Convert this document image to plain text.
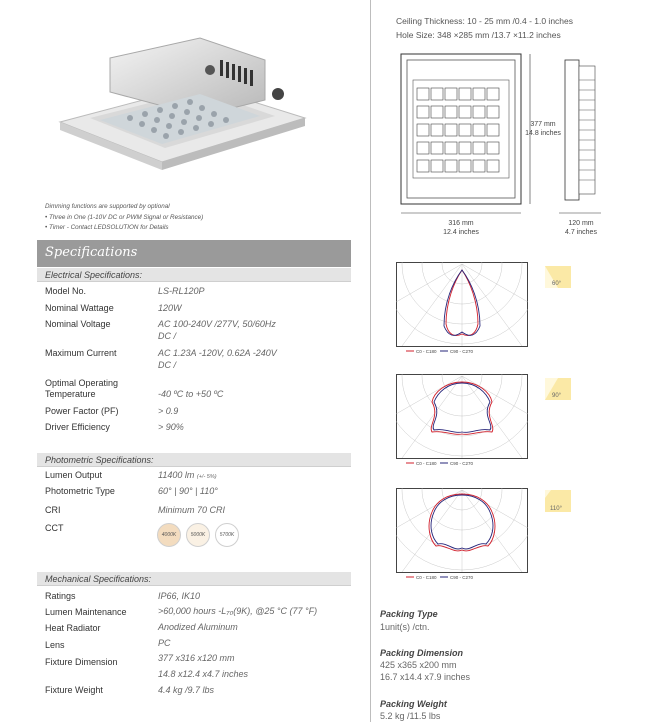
Dimming functions are supported by optional
• Three in One (1-10V DC or PWM Signal or Resistance)
• Timer - Contact LEDSOLUTION for Details
Specifications
Electrical Specifications:
Model No.	LS-RL120P
Nominal Wattage	120W
Nominal Voltage	AC 100-240V /277V, 50/60Hz
DC /
Maximum Current	AC 1.23A -120V, 0.62A -240V
DC /
Optimal Operating
Temperature	-40 ºC to +50 ºC
Power Factor (PF)	> 0.9
Driver Efficiency	> 90%
Photometric Specifications:
Lumen Output	11400 lm (+/- 5%)
Photometric Type	60° | 90° | 110°
CRI	Minimum 70 CRI
CCT
4000K	5000K	5700K
Mechanical Specifications:
Ratings	IP66, IK10
Lumen Maintenance	>60,000 hours -L₇₀(9K), @25 °C (77 °F)
Heat Radiator	Anodized Aluminum
Lens	PC
Fixture Dimension	377 x316 x120 mm
14.8 x12.4 x4.7 inches
Fixture Weight	4.4 kg /9.7 lbs
Ceiling Thickness: 10 - 25 mm /0.4 - 1.0 inches
Hole Size: 348 ×285 mm /13.7 ×11.2 inches
377 mm
14.8 inches
316 mm
12.4 inches
120 mm
4.7 inches
C0 - C180	C90 - C270
60°
C0 - C180	C90 - C270
90°
C0 - C180	C90 - C270
110°
Packing Type
1unit(s) /ctn.
Packing Dimension
425 x365 x200 mm
16.7 x14.4 x7.9 inches
Packing Weight
5.2 kg /11.5 lbs
